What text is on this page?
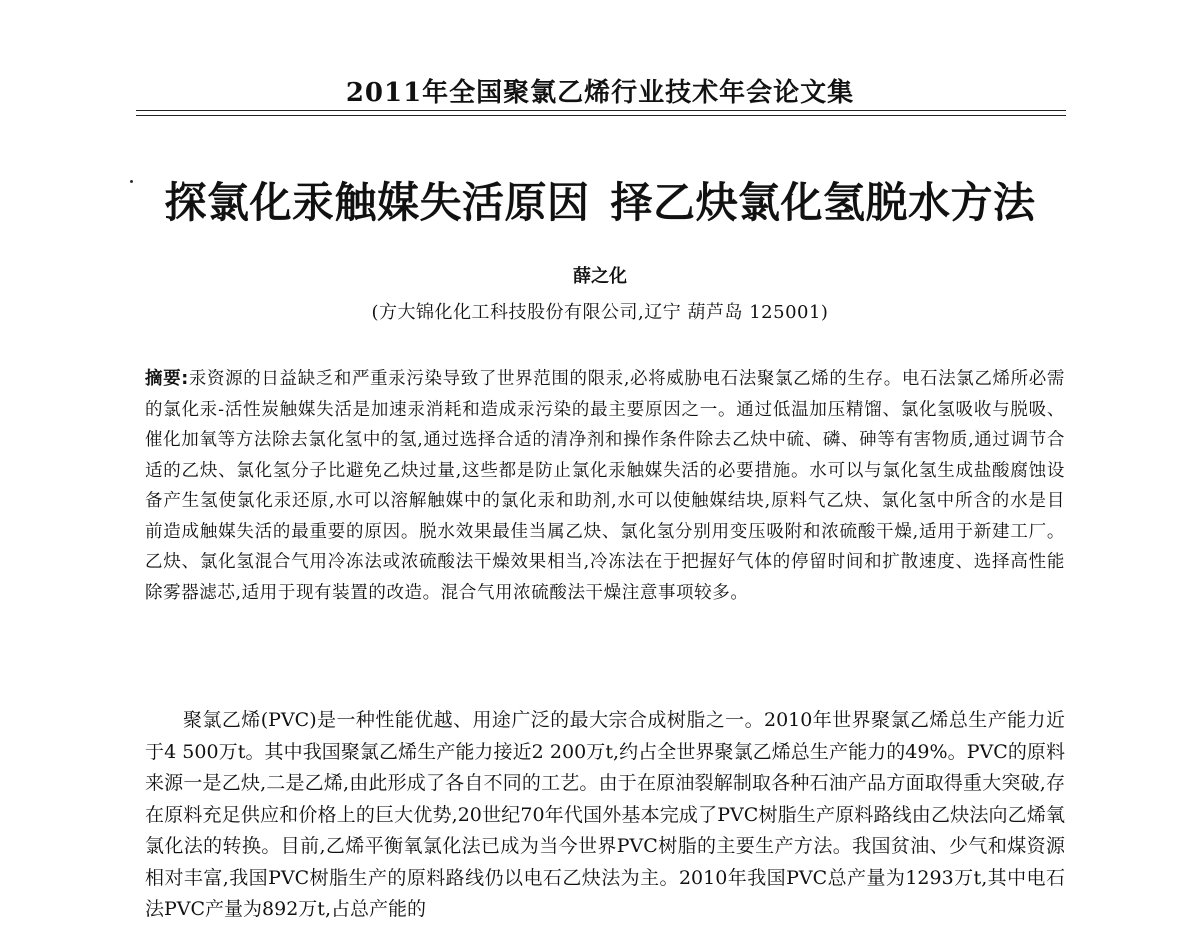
2011年全国聚氯乙烯行业技术年会论文集
探氯化汞触媒失活原因 择乙炔氯化氢脱水方法
薛之化
(方大锦化化工科技股份有限公司,辽宁 葫芦岛 125001)
摘要:汞资源的日益缺乏和严重汞污染导致了世界范围的限汞,必将威胁电石法聚氯乙烯的生存。电石法氯乙烯所必需的氯化汞-活性炭触媒失活是加速汞消耗和造成汞污染的最主要原因之一。通过低温加压精馏、氯化氢吸收与脱吸、催化加氧等方法除去氯化氢中的氢,通过选择合适的清净剂和操作条件除去乙炔中硫、磷、砷等有害物质,通过调节合适的乙炔、氯化氢分子比避免乙炔过量,这些都是防止氯化汞触媒失活的必要措施。水可以与氯化氢生成盐酸腐蚀设备产生氢使氯化汞还原,水可以溶解触媒中的氯化汞和助剂,水可以使触媒结块,原料气乙炔、氯化氢中所含的水是目前造成触媒失活的最重要的原因。脱水效果最佳当属乙炔、氯化氢分别用变压吸附和浓硫酸干燥,适用于新建工厂。乙炔、氯化氢混合气用冷冻法或浓硫酸法干燥效果相当,冷冻法在于把握好气体的停留时间和扩散速度、选择高性能除雾器滤芯,适用于现有装置的改造。混合气用浓硫酸法干燥注意事项较多。

聚氯乙烯(PVC)是一种性能优越、用途广泛的最大宗合成树脂之一。2010年世界聚氯乙烯总生产能力近于4 500万t。其中我国聚氯乙烯生产能力接近2 200万t,约占全世界聚氯乙烯总生产能力的49%。PVC的原料来源一是乙炔,二是乙烯,由此形成了各自不同的工艺。由于在原油裂解制取各种石油产品方面取得重大突破,存在原料充足供应和价格上的巨大优势,20世纪70年代国外基本完成了PVC树脂生产原料路线由乙炔法向乙烯氧氯化法的转换。目前,乙烯平衡氧氯化法已成为当今世界PVC树脂的主要生产方法。我国贫油、少气和煤资源相对丰富,我国PVC树脂生产的原料路线仍以电石乙炔法为主。2010年我国PVC总产量为1293万t,其中电石法PVC产量为892万t,占总产能的
